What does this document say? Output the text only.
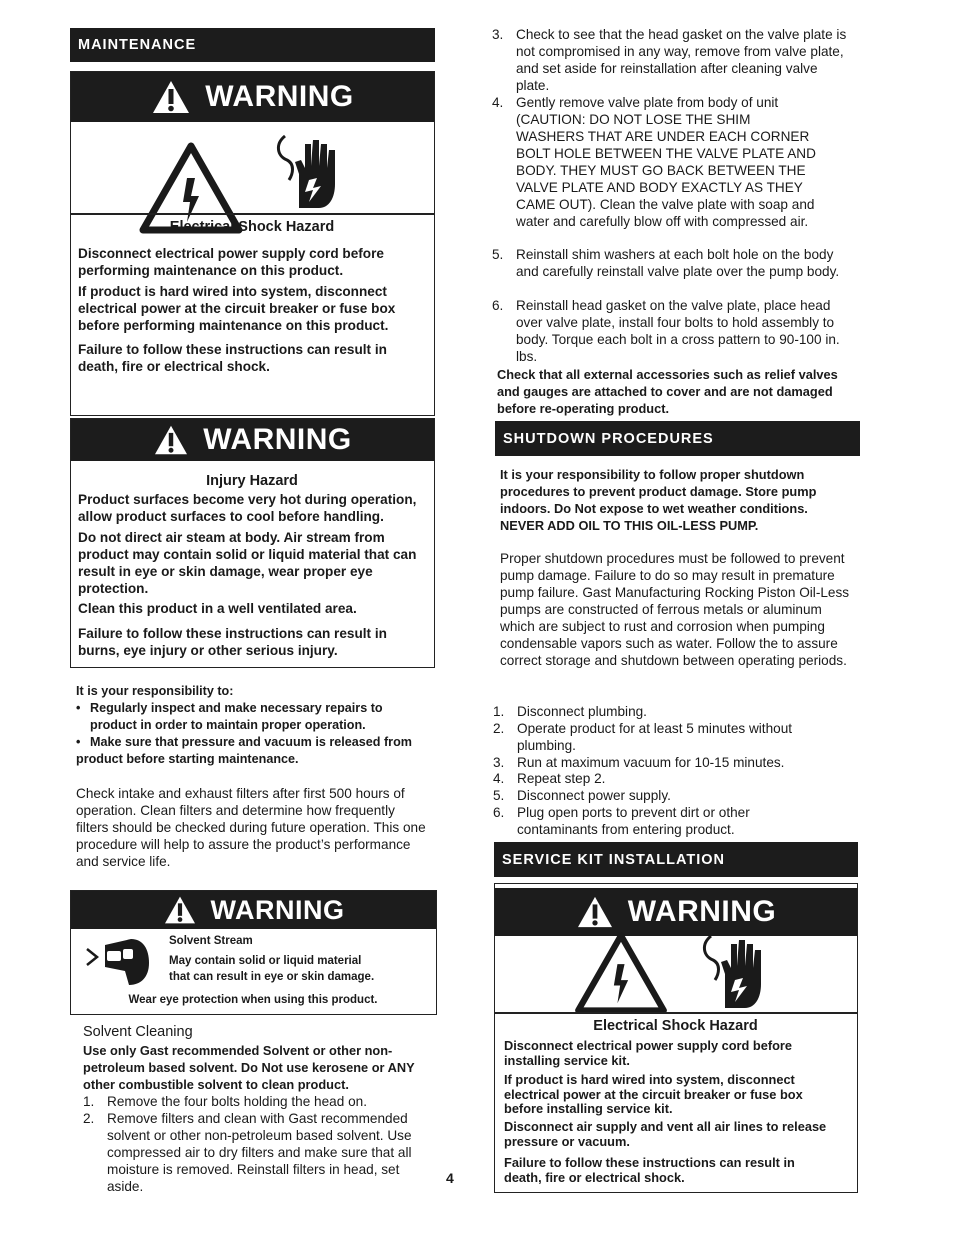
MAINTENANCE
WARNING
Electrical Shock Hazard
Disconnect electrical power supply cord before performing maintenance on this product.
If product is hard wired into system, disconnect electrical power at the circuit breaker or fuse box before performing maintenance on this product.
Failure to follow these instructions can result in death, fire or electrical shock.
WARNING
Injury Hazard
Product surfaces become very hot during operation, allow product surfaces to cool before handling.
Do not direct air steam at body. Air stream from product may contain solid or liquid material that can result in eye or skin damage, wear proper eye protection.
Clean this product in a well ventilated area.
Failure to follow these instructions can result in burns, eye injury or other serious injury.
It is your responsibility to:
• Regularly inspect and make necessary repairs to product in order to maintain proper operation.
• Make sure that pressure and vacuum is released from product before starting maintenance.
Check intake and exhaust filters after first 500 hours of operation. Clean filters and determine how frequently filters should be checked during future operation. This one procedure will help to assure the product’s performance and service life.
WARNING
Solvent Stream
May contain solid or liquid material that can result in eye or skin damage.
Wear eye protection when using this product.
Solvent Cleaning
Use only Gast recommended Solvent or other non-petroleum based solvent. Do Not use kerosene or ANY other combustible solvent to clean product.
1. Remove the four bolts holding the head on.
2. Remove filters and clean with Gast recommended solvent or other non-petroleum based solvent. Use compressed air to dry filters and make sure that all moisture is removed. Reinstall filters in head, set aside.
4
3. Check to see that the head gasket on the valve plate is not compromised in any way, remove from valve plate, and set aside for reinstallation after cleaning valve plate.
4. Gently remove valve plate from body of unit (CAUTION: DO NOT LOSE THE SHIM WASHERS THAT ARE UNDER EACH CORNER BOLT HOLE BETWEEN THE VALVE PLATE AND BODY. THEY MUST GO BACK BETWEEN THE VALVE PLATE AND BODY EXACTLY AS THEY CAME OUT). Clean the valve plate with soap and water and carefully blow off with compressed air.
5. Reinstall shim washers at each bolt hole on the body and carefully reinstall valve plate over the pump body.
6. Reinstall head gasket on the valve plate, place head over valve plate, install four bolts to hold assembly to body. Torque each bolt in a cross pattern to 90-100 in. lbs.
Check that all external accessories such as relief valves and gauges are attached to cover and are not damaged before re-operating product.
SHUTDOWN PROCEDURES
It is your responsibility to follow proper shutdown procedures to prevent product damage. Store pump indoors. Do Not expose to wet weather conditions. NEVER ADD OIL TO THIS OIL-LESS PUMP.
Proper shutdown procedures must be followed to prevent pump damage. Failure to do so may result in premature pump failure. Gast Manufacturing Rocking Piston Oil-Less pumps are constructed of ferrous metals or aluminum which are subject to rust and corrosion when pumping condensable vapors such as water. Follow the to assure correct storage and shutdown between operating periods.
1. Disconnect plumbing.
2. Operate product for at least 5 minutes without plumbing.
3. Run at maximum vacuum for 10-15 minutes.
4. Repeat step 2.
5. Disconnect power supply.
6. Plug open ports to prevent dirt or other contaminants from entering product.
SERVICE KIT INSTALLATION
WARNING
Electrical Shock Hazard
Disconnect electrical power supply cord before installing service kit.
If product is hard wired into system, disconnect electrical power at the circuit breaker or fuse box before installing service kit.
Disconnect air supply and vent all air lines to release pressure or vacuum.
Failure to follow these instructions can result in death, fire or electrical shock.
